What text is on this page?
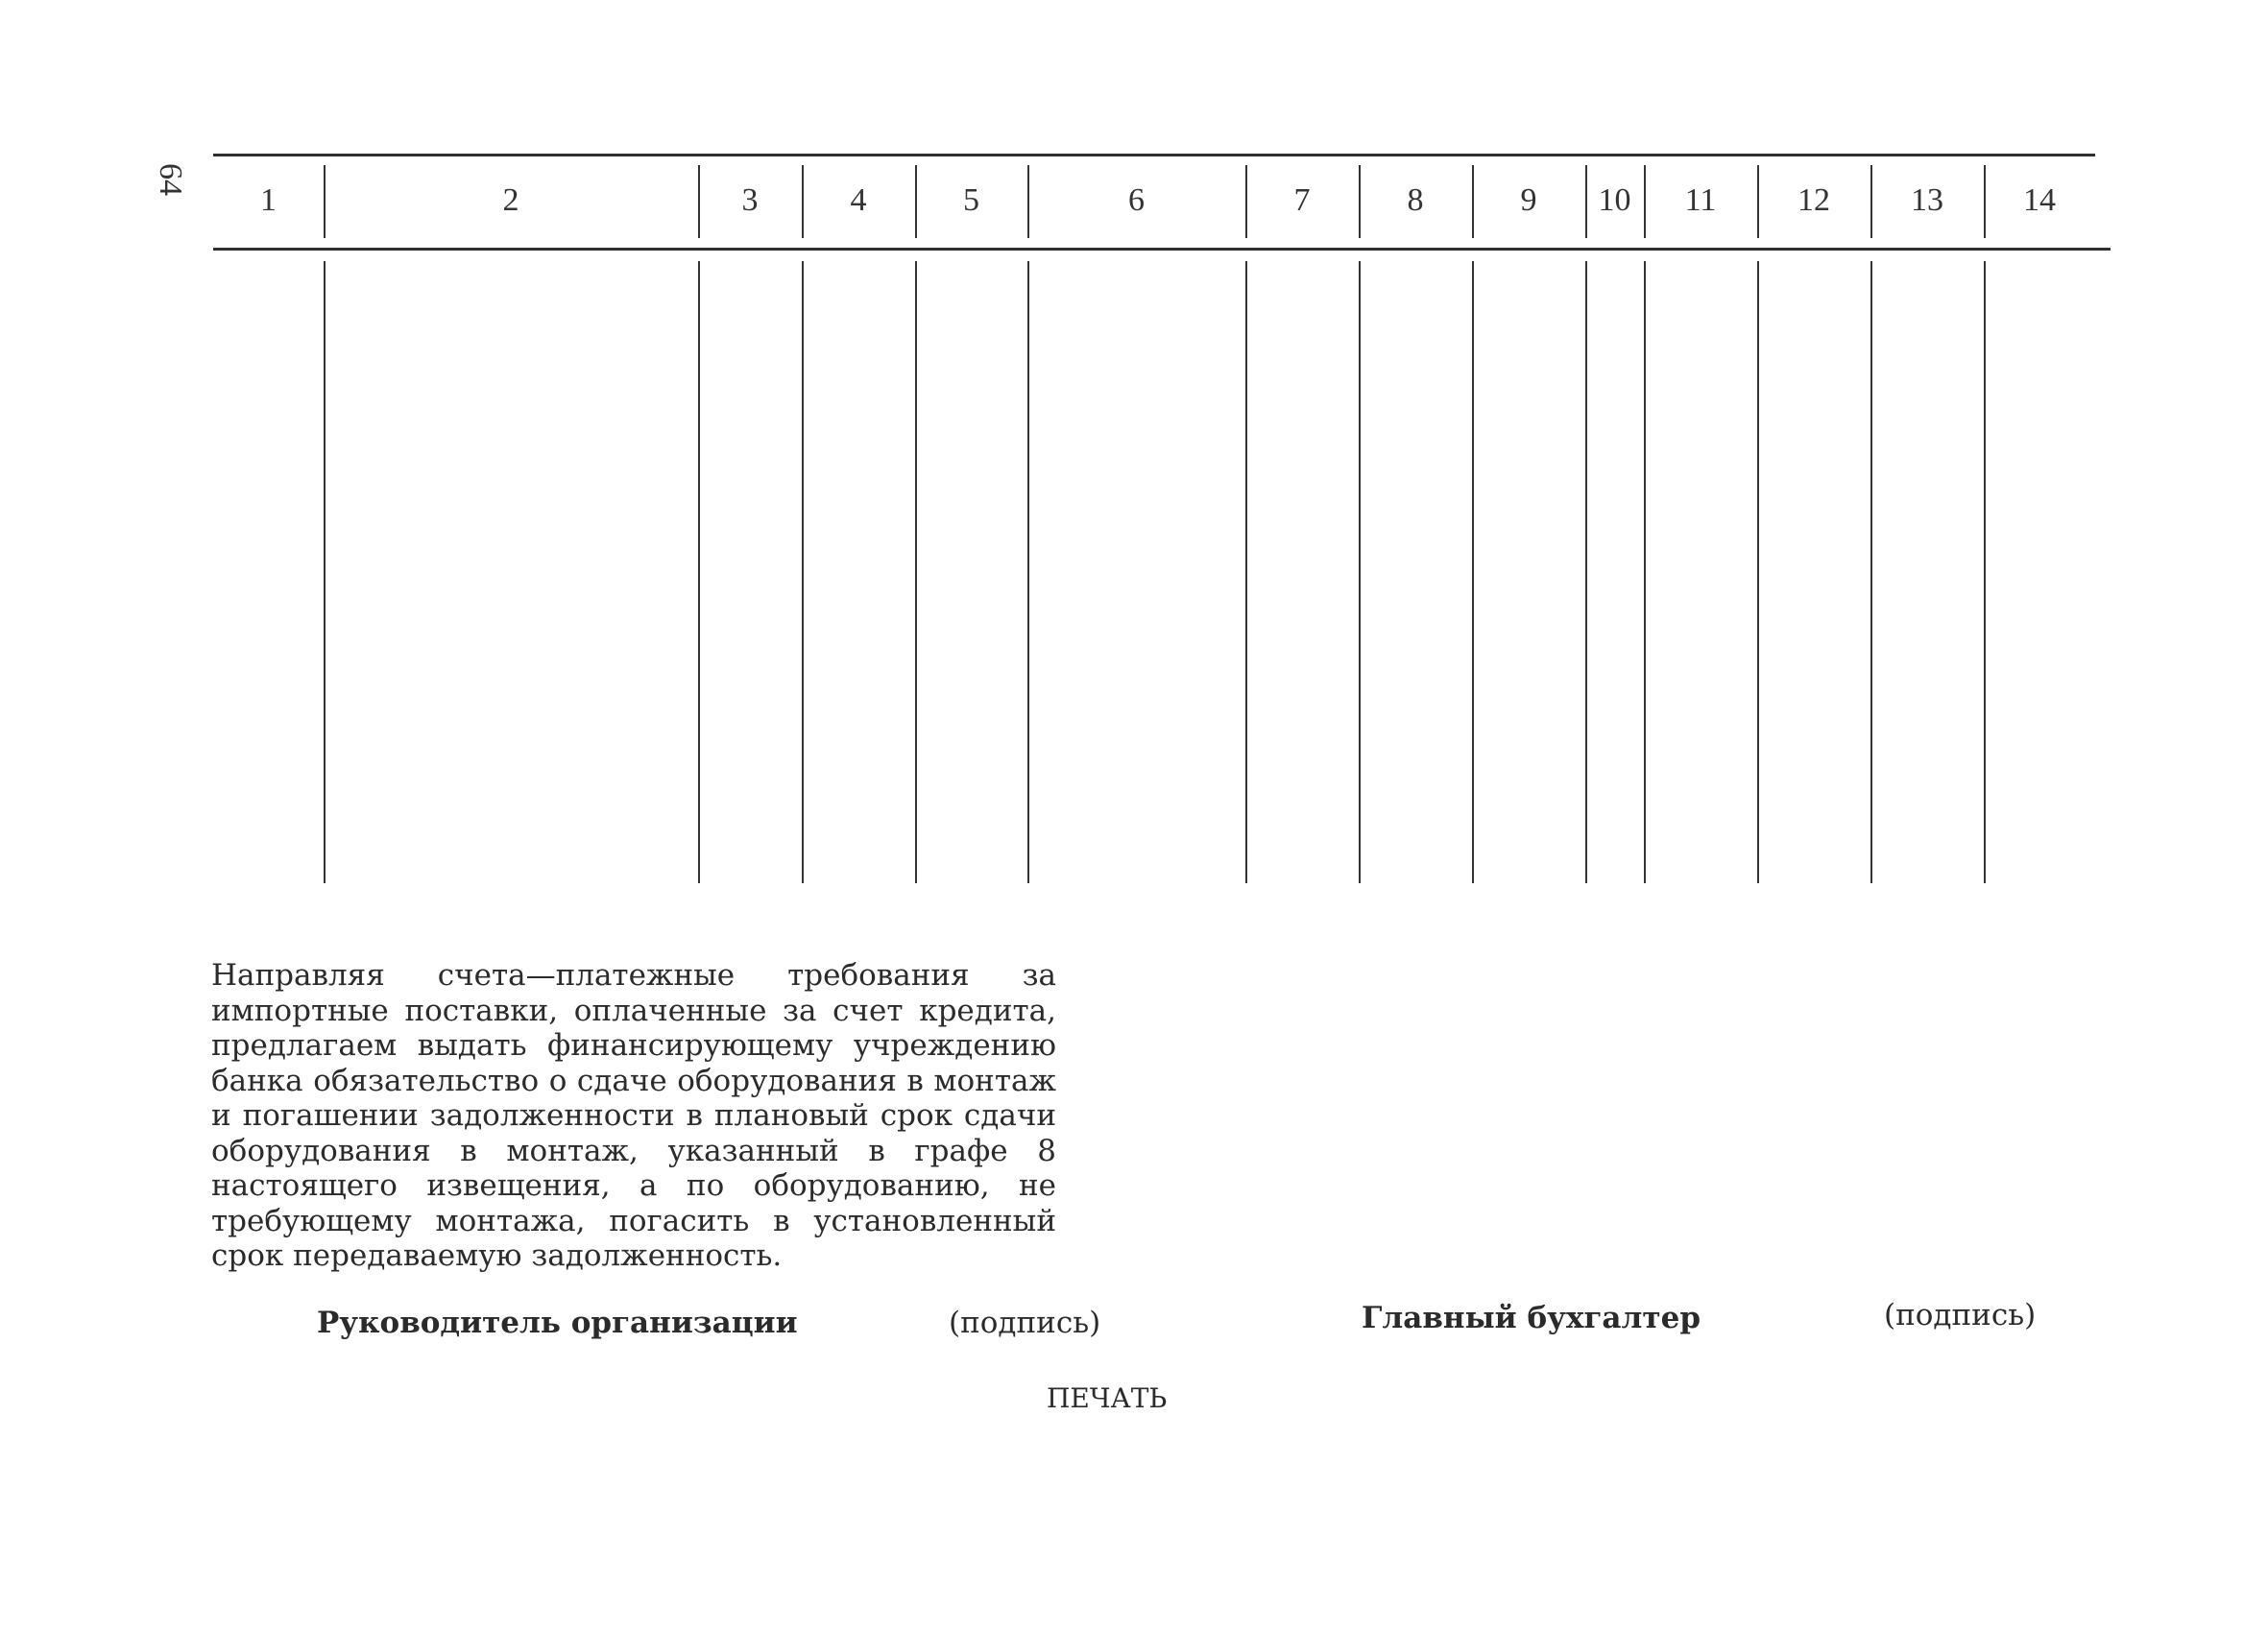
64
1	2	3	4	5	6	7	8	9	10	11	12	13	14

Направляя счета—платежные требования за импортные поставки, оплаченные за счет кредита, предлагаем выдать финансирующему учреждению банка обязательство о сдаче оборудования в монтаж и погашении задолженности в плановый срок сдачи оборудования в монтаж, указанный в графе 8 настоящего извещения, а по оборудованию, не требующему монтажа, погасить в установленный срок передаваемую задолженность.

Руководитель организации	(подпись)	Главный бухгалтер	(подпись)
ПЕЧАТЬ
